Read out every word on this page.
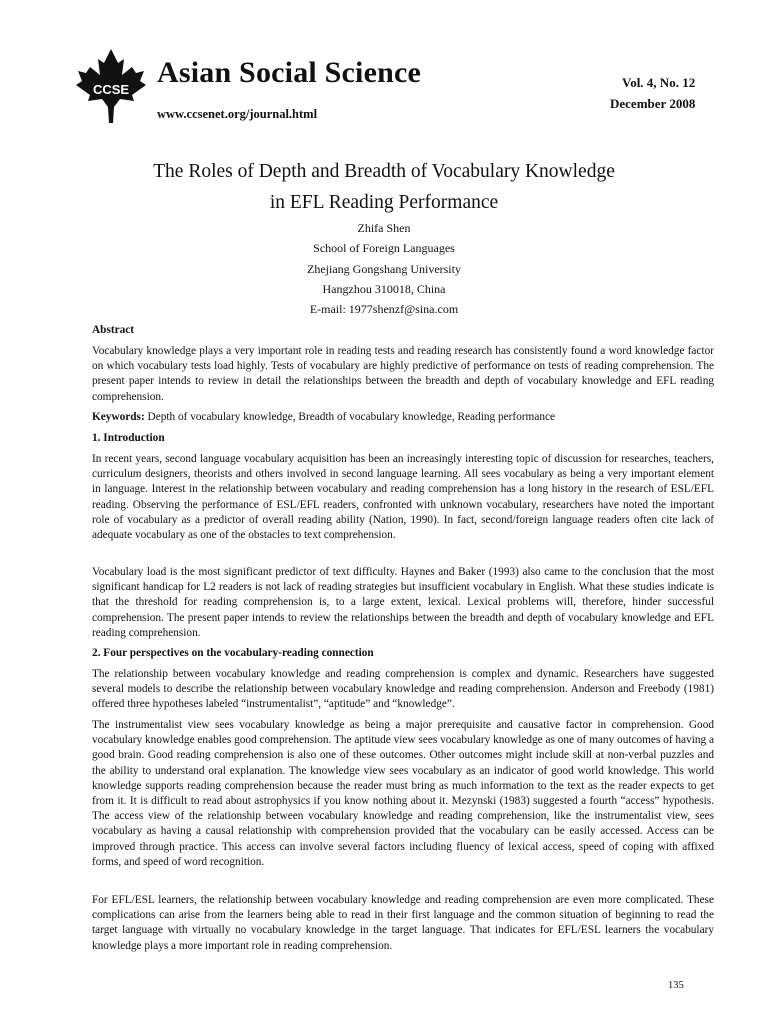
CCSE
Asian Social Science
www.ccsenet.org/journal.html
Vol. 4, No. 12
December 2008
The Roles of Depth and Breadth of Vocabulary Knowledge
in EFL Reading Performance
Zhifa Shen
School of Foreign Languages
Zhejiang Gongshang University
Hangzhou 310018, China
E-mail: 1977shenzf@sina.com
Abstract
Vocabulary knowledge plays a very important role in reading tests and reading research has consistently found a word knowledge factor on which vocabulary tests load highly. Tests of vocabulary are highly predictive of performance on tests of reading comprehension. The present paper intends to review in detail the relationships between the breadth and depth of vocabulary knowledge and EFL reading comprehension.
Keywords: Depth of vocabulary knowledge, Breadth of vocabulary knowledge, Reading performance
1. Introduction
In recent years, second language vocabulary acquisition has been an increasingly interesting topic of discussion for researches, teachers, curriculum designers, theorists and others involved in second language learning. All sees vocabulary as being a very important element in language. Interest in the relationship between vocabulary and reading comprehension has a long history in the research of ESL/EFL reading. Observing the performance of ESL/EFL readers, confronted with unknown vocabulary, researchers have noted the important role of vocabulary as a predictor of overall reading ability (Nation, 1990). In fact, second/foreign language readers often cite lack of adequate vocabulary as one of the obstacles to text comprehension.
Vocabulary load is the most significant predictor of text difficulty. Haynes and Baker (1993) also came to the conclusion that the most significant handicap for L2 readers is not lack of reading strategies but insufficient vocabulary in English. What these studies indicate is that the threshold for reading comprehension is, to a large extent, lexical. Lexical problems will, therefore, hinder successful comprehension. The present paper intends to review the relationships between the breadth and depth of vocabulary knowledge and EFL reading comprehension.
2. Four perspectives on the vocabulary-reading connection
The relationship between vocabulary knowledge and reading comprehension is complex and dynamic. Researchers have suggested several models to describe the relationship between vocabulary knowledge and reading comprehension. Anderson and Freebody (1981) offered three hypotheses labeled “instrumentalist”, “aptitude” and “knowledge”.
The instrumentalist view sees vocabulary knowledge as being a major prerequisite and causative factor in comprehension. Good vocabulary knowledge enables good comprehension. The aptitude view sees vocabulary knowledge as one of many outcomes of having a good brain. Good reading comprehension is also one of these outcomes. Other outcomes might include skill at non-verbal puzzles and the ability to understand oral explanation. The knowledge view sees vocabulary as an indicator of good world knowledge. This world knowledge supports reading comprehension because the reader must bring as much information to the text as the reader expects to get from it. It is difficult to read about astrophysics if you know nothing about it. Mezynski (1983) suggested a fourth “access” hypothesis. The access view of the relationship between vocabulary knowledge and reading comprehension, like the instrumentalist view, sees vocabulary as having a causal relationship with comprehension provided that the vocabulary can be easily accessed. Access can be improved through practice. This access can involve several factors including fluency of lexical access, speed of coping with affixed forms, and speed of word recognition.
For EFL/ESL learners, the relationship between vocabulary knowledge and reading comprehension are even more complicated. These complications can arise from the learners being able to read in their first language and the common situation of beginning to read the target language with virtually no vocabulary knowledge in the target language. That indicates for EFL/ESL learners the vocabulary knowledge plays a more important role in reading comprehension.
135
